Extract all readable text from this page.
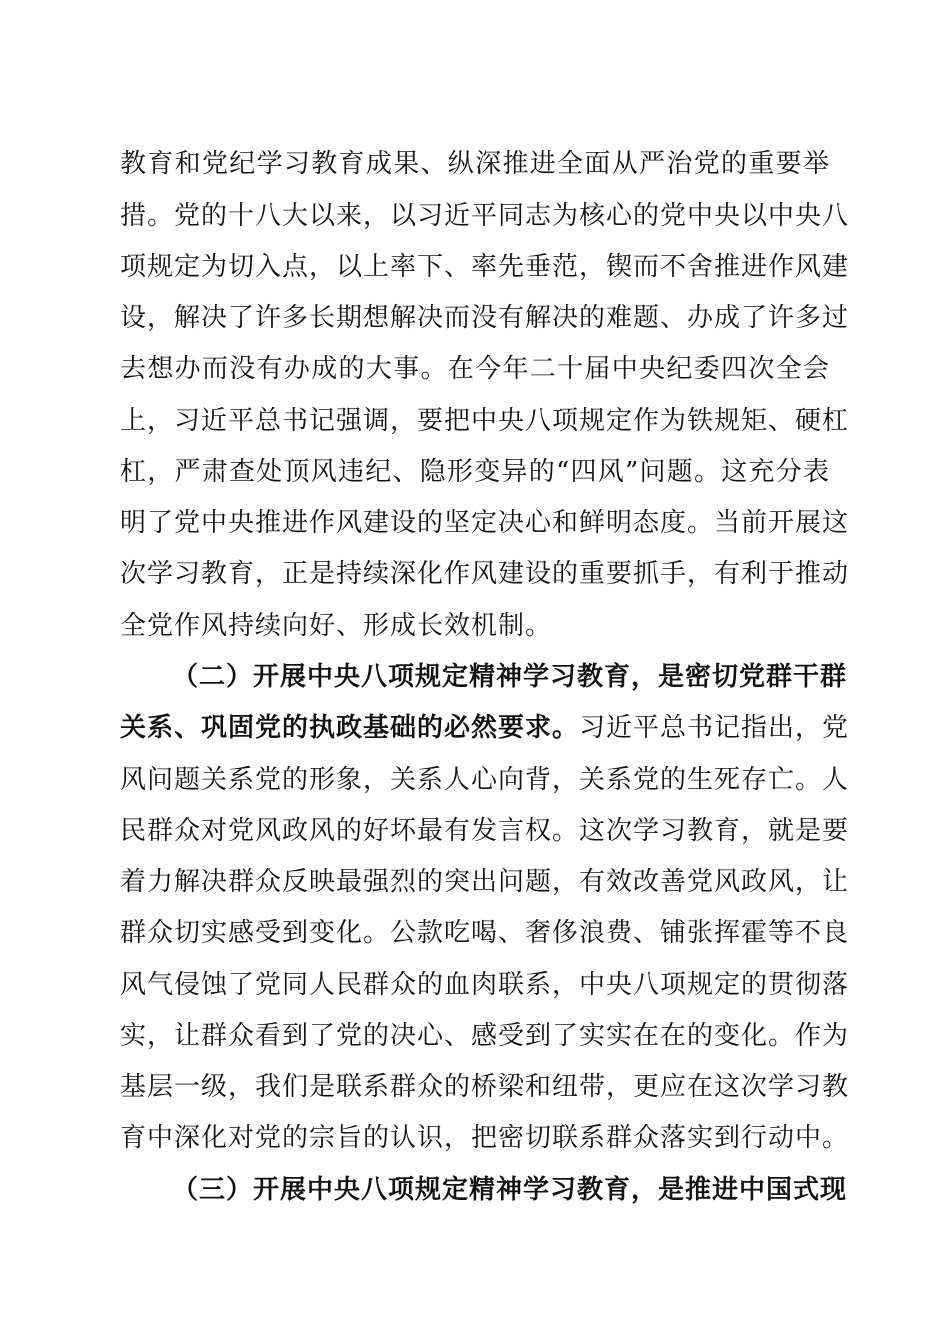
教育和党纪学习教育成果、纵深推进全面从严治党的重要举
措。党的十八大以来，以习近平同志为核心的党中央以中央八
项规定为切入点，以上率下、率先垂范，锲而不舍推进作风建
设，解决了许多长期想解决而没有解决的难题、办成了许多过
去想办而没有办成的大事。在今年二十届中央纪委四次全会
上，习近平总书记强调，要把中央八项规定作为铁规矩、硬杠
杠，严肃查处顶风违纪、隐形变异的“四风”问题。这充分表
明了党中央推进作风建设的坚定决心和鲜明态度。当前开展这
次学习教育，正是持续深化作风建设的重要抓手，有利于推动
全党作风持续向好、形成长效机制。
（二）开展中央八项规定精神学习教育，是密切党群干群
关系、巩固党的执政基础的必然要求。习近平总书记指出，党
风问题关系党的形象，关系人心向背，关系党的生死存亡。人
民群众对党风政风的好坏最有发言权。这次学习教育，就是要
着力解决群众反映最强烈的突出问题，有效改善党风政风，让
群众切实感受到变化。公款吃喝、奢侈浪费、铺张挥霍等不良
风气侵蚀了党同人民群众的血肉联系，中央八项规定的贯彻落
实，让群众看到了党的决心、感受到了实实在在的变化。作为
基层一级，我们是联系群众的桥梁和纽带，更应在这次学习教
育中深化对党的宗旨的认识，把密切联系群众落实到行动中。
（三）开展中央八项规定精神学习教育，是推进中国式现
